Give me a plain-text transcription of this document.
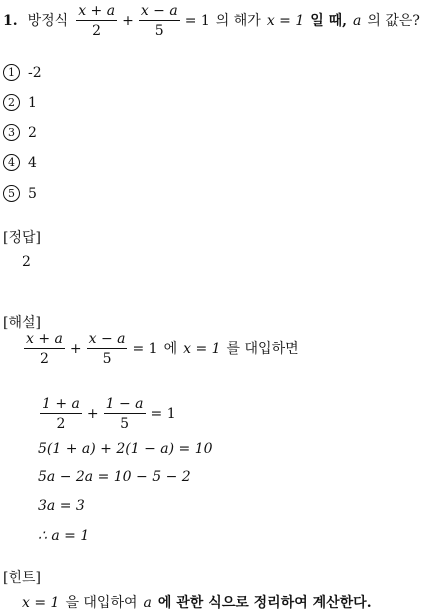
1. 방정식 $\frac{x + a}{2} + \frac{x - a}{5} = 1$ 의 해가 x = 1 일 때, a 의 값은?
1 -2
2 1
3 2
4 4
5 5
[정답]
2
[해설]
$\frac{x + a}{2} + \frac{x - a}{5} = 1$ 에 x = 1 를 대입하면
$\frac{1 + a}{2} + \frac{1 - a}{5} = 1$
5(1 + a) + 2(1 − a) = 10
5a − 2a = 10 − 5 − 2
3a = 3
∴ a = 1
[힌트]
x = 1 을 대입하여 a 에 관한 식으로 정리하여 계산한다.
